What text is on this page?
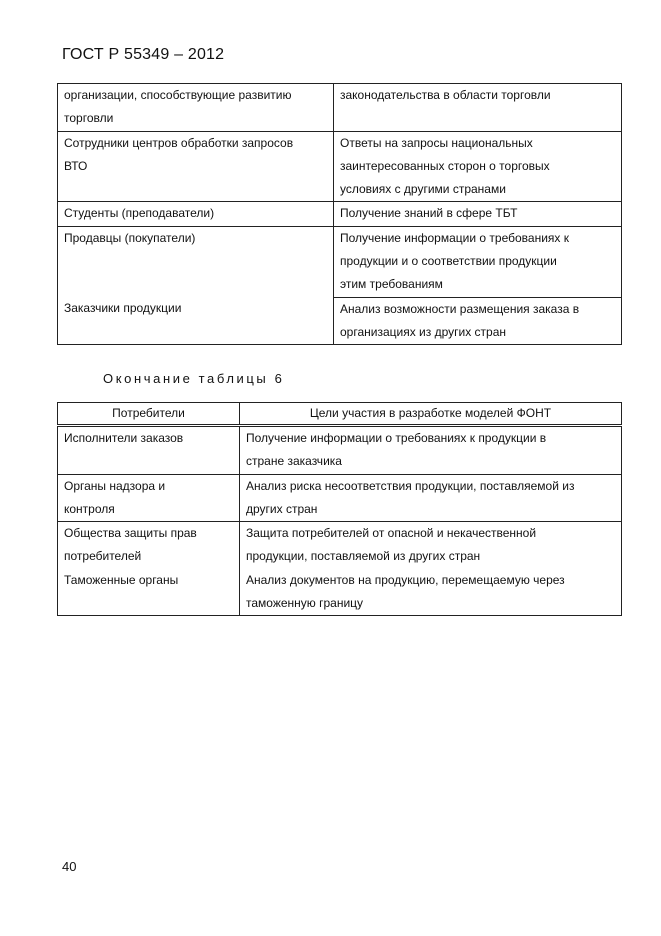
ГОСТ Р 55349 – 2012
организации, способствующие развитию
торговли	законодательства в области торговли

Сотрудники центров обработки запросов
ВТО	Ответы на запросы национальных
заинтересованных сторон о торговых
условиях с другими странами

Студенты (преподаватели)	Получение знаний в сфере ТБТ

Продавцы (покупатели)	Получение информации о требованиях к
продукции и о соответствии продукции
этим требованиям

Заказчики продукции	Анализ возможности размещения заказа в
организациях из других стран
Окончание таблицы 6
Потребители	Цели участия в разработке моделей ФОНТ

Исполнители заказов	Получение информации о требованиях к продукции в
стране заказчика

Органы надзора и
контроля	Анализ риска несоответствия продукции, поставляемой из
других стран

Общества защиты прав
потребителей	Защита потребителей от опасной и некачественной
продукции, поставляемой из других стран

Таможенные органы	Анализ документов на продукцию, перемещаемую через
таможенную границу
40
